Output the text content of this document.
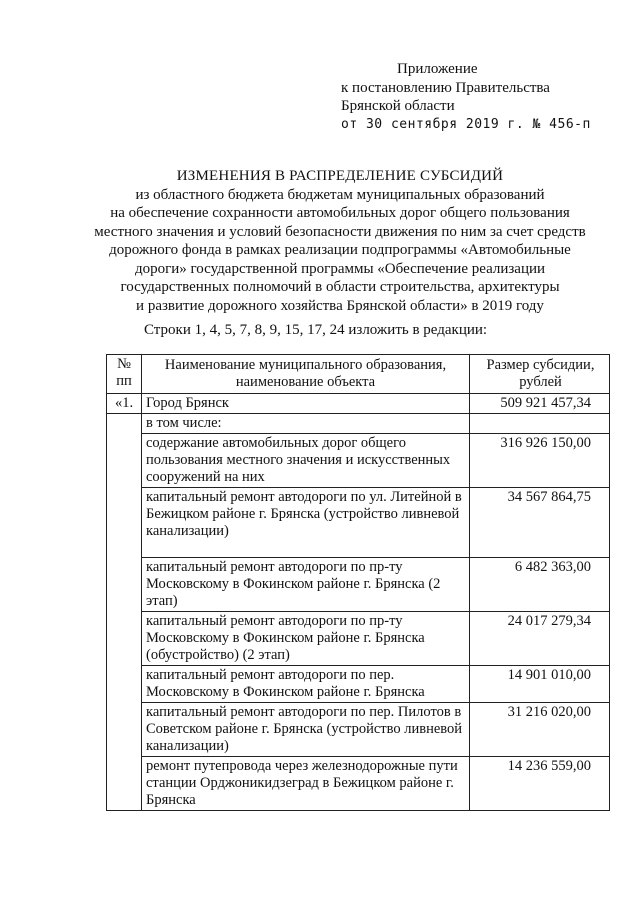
Приложение
к постановлению Правительства
Брянской области
от 30 сентября 2019 г. № 456-п
ИЗМЕНЕНИЯ В РАСПРЕДЕЛЕНИЕ СУБСИДИЙ
из областного бюджета бюджетам муниципальных образований
на обеспечение сохранности автомобильных дорог общего пользования
местного значения и условий безопасности движения по ним за счет средств
дорожного фонда в рамках реализации подпрограммы «Автомобильные
дороги» государственной программы «Обеспечение реализации
государственных полномочий в области строительства, архитектуры
и развитие дорожного хозяйства Брянской области» в 2019 году
Строки 1, 4, 5, 7, 8, 9, 15, 17, 24 изложить в редакции:
№ пп	Наименование муниципального образования, наименование объекта	Размер субсидии, рублей
«1.	Город Брянск	509 921 457,34
	в том числе:	
	содержание автомобильных дорог общего пользования местного значения и искусственных сооружений на них	316 926 150,00
	капитальный ремонт автодороги по ул. Литейной в Бежицком районе г. Брянска (устройство ливневой канализации)	34 567 864,75
	капитальный ремонт автодороги по пр-ту Московскому в Фокинском районе г. Брянска (2 этап)	6 482 363,00
	капитальный ремонт автодороги по пр-ту Московскому в Фокинском районе г. Брянска (обустройство) (2 этап)	24 017 279,34
	капитальный ремонт автодороги по пер. Московскому в Фокинском районе г. Брянска	14 901 010,00
	капитальный ремонт автодороги по пер. Пилотов в Советском районе г. Брянска (устройство ливневой канализации)	31 216 020,00
	ремонт путепровода через железнодорожные пути станции Орджоникидзеград в Бежицком районе г. Брянска	14 236 559,00
